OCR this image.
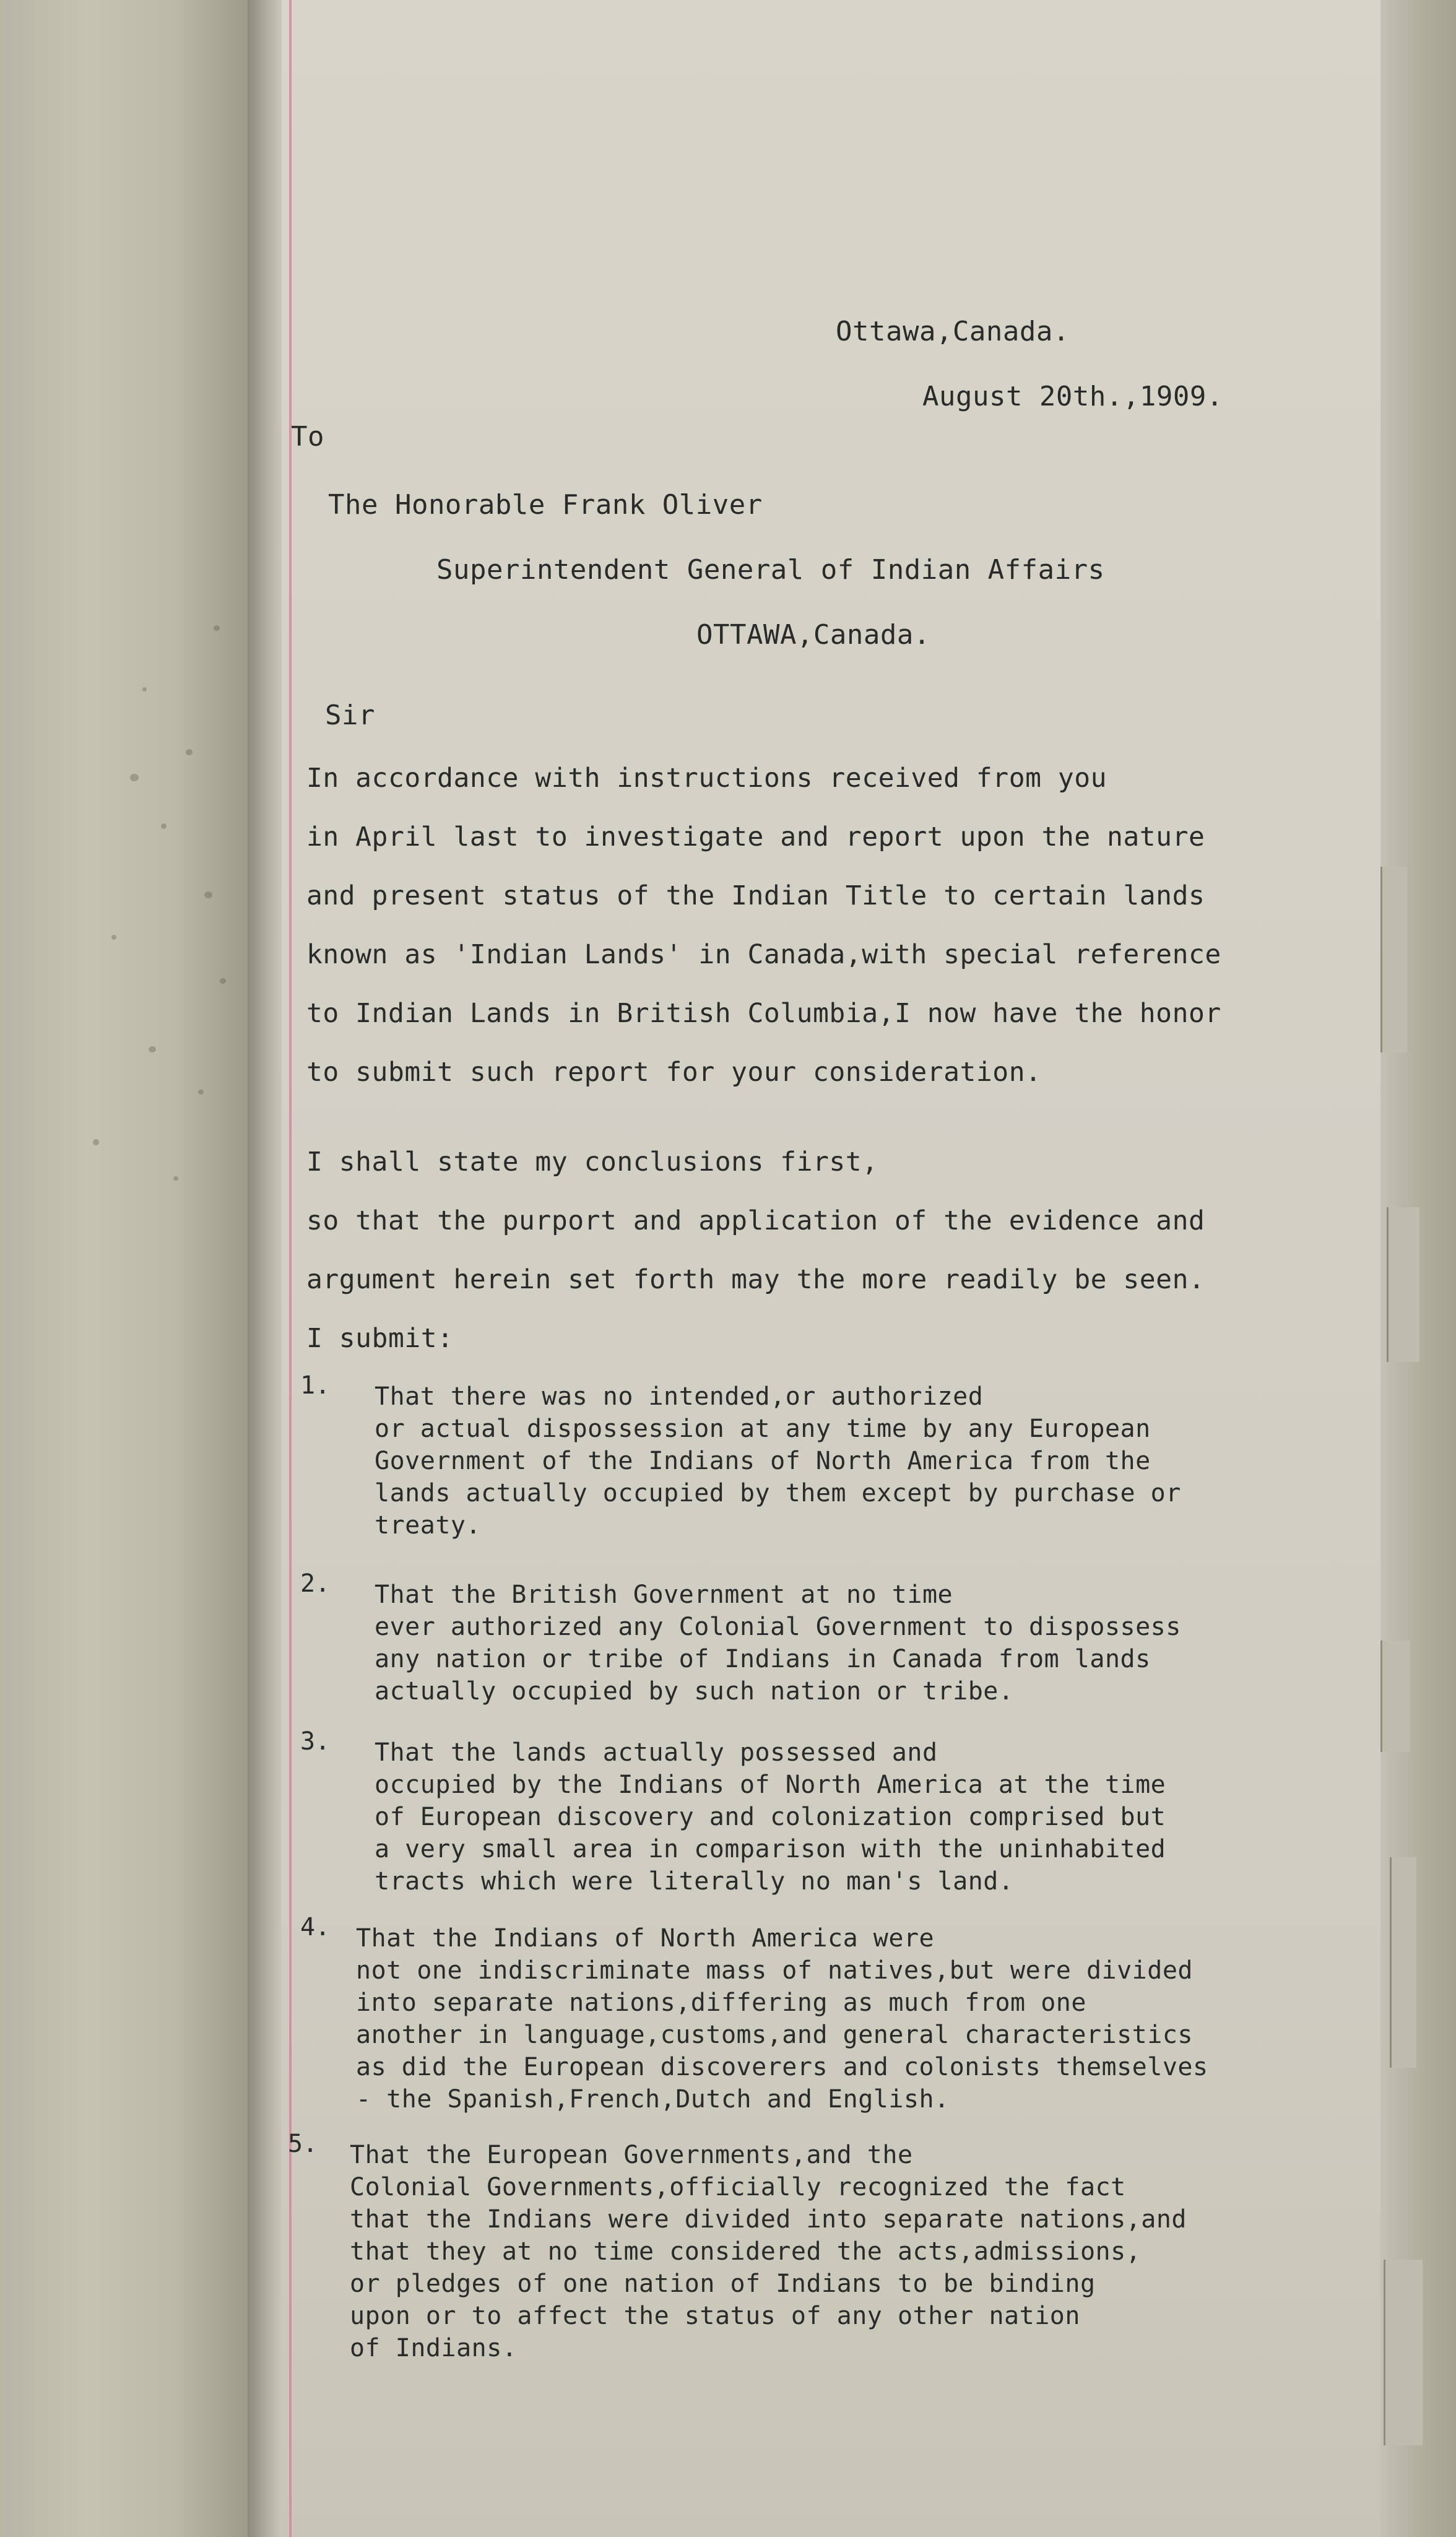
Ottawa,Canada.

August 20th.,1909.

To

The Honorable Frank Oliver

Superintendent General of Indian Affairs

OTTAWA,Canada.

Sir

In accordance with instructions received from you
in April last to investigate and report upon the nature
and present status of the Indian Title to certain lands
known as 'Indian Lands' in Canada,with special reference
to Indian Lands in British Columbia,I now have the honor
to submit such report for your consideration.

I shall state my conclusions first,
so that the purport and application of the evidence and
argument herein set forth may the more readily be seen.
I submit:

1. That there was no intended,or authorized
or actual dispossession at any time by any European
Government of the Indians of North America from the
lands actually occupied by them except by purchase or
treaty.

2. That the British Government at no time
ever authorized any Colonial Government to dispossess
any nation or tribe of Indians in Canada from lands
actually occupied by such nation or tribe.

3. That the lands actually possessed and
occupied by the Indians of North America at the time
of European discovery and colonization comprised but
a very small area in comparison with the uninhabited
tracts which were literally no man's land.

4. That the Indians of North America were
not one indiscriminate mass of natives,but were divided
into separate nations,differing as much from one
another in language,customs,and general characteristics
as did the European discoverers and colonists themselves
- the Spanish,French,Dutch and English.

5. That the European Governments,and the
Colonial Governments,officially recognized the fact
that the Indians were divided into separate nations,and
that they at no time considered the acts,admissions,
or pledges of one nation of Indians to be binding
upon or to affect the status of any other nation
of Indians.
